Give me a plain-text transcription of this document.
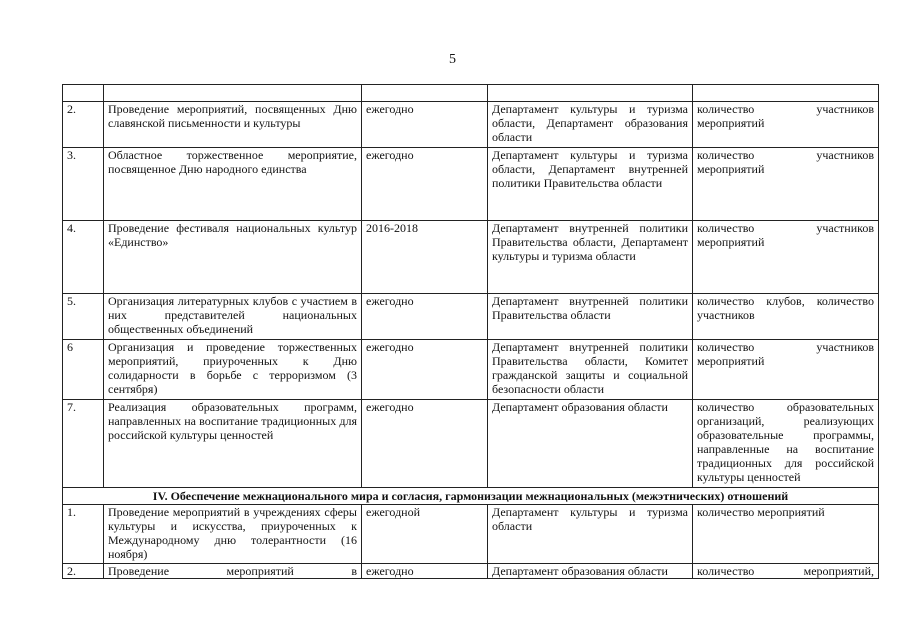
5

2.	Проведение мероприятий, посвященных Дню славянской письменности и культуры	ежегодно	Департамент культуры и туризма области, Департамент образования области	количество участников мероприятий
3.	Областное торжественное мероприятие, посвященное Дню народного единства	ежегодно	Департамент культуры и туризма области, Департамент внутренней политики Правительства области	количество участников мероприятий
4.	Проведение фестиваля национальных культур «Единство»	2016-2018	Департамент внутренней политики Правительства области, Департамент культуры и туризма области	количество участников мероприятий
5.	Организация литературных клубов с участием в них представителей национальных общественных объединений	ежегодно	Департамент внутренней политики Правительства области	количество клубов, количество участников
6	Организация и проведение торжественных мероприятий, приуроченных к Дню солидарности в борьбе с терроризмом (3 сентября)	ежегодно	Департамент внутренней политики Правительства области, Комитет гражданской защиты и социальной безопасности области	количество участников мероприятий
7.	Реализация образовательных программ, направленных на воспитание традиционных для российской культуры ценностей	ежегодно	Департамент образования области	количество образовательных организаций, реализующих образовательные программы, направленные на воспитание традиционных для российской культуры ценностей
IV. Обеспечение межнационального мира и согласия, гармонизации межнациональных (межэтнических) отношений				
1.	Проведение мероприятий в учреждениях сферы культуры и искусства, приуроченных к Международному дню толерантности (16 ноября)	ежегодной	Департамент культуры и туризма области	количество мероприятий
2.	Проведение мероприятий в	ежегодно	Департамент образования области	количество мероприятий,
